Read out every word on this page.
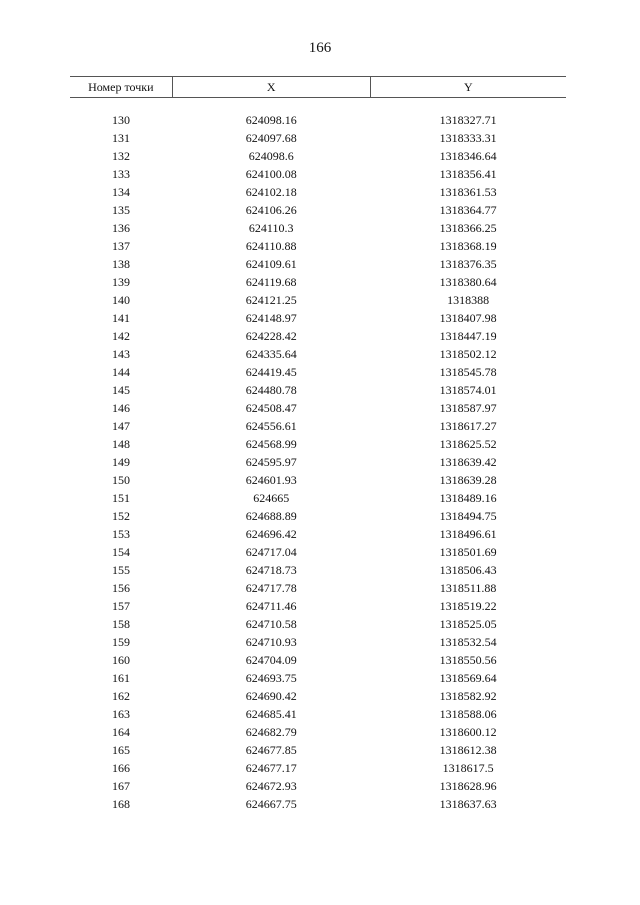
166
Номер точки	X	Y

130	624098.16	1318327.71
131	624097.68	1318333.31
132	624098.6	1318346.64
133	624100.08	1318356.41
134	624102.18	1318361.53
135	624106.26	1318364.77
136	624110.3	1318366.25
137	624110.88	1318368.19
138	624109.61	1318376.35
139	624119.68	1318380.64
140	624121.25	1318388
141	624148.97	1318407.98
142	624228.42	1318447.19
143	624335.64	1318502.12
144	624419.45	1318545.78
145	624480.78	1318574.01
146	624508.47	1318587.97
147	624556.61	1318617.27
148	624568.99	1318625.52
149	624595.97	1318639.42
150	624601.93	1318639.28
151	624665	1318489.16
152	624688.89	1318494.75
153	624696.42	1318496.61
154	624717.04	1318501.69
155	624718.73	1318506.43
156	624717.78	1318511.88
157	624711.46	1318519.22
158	624710.58	1318525.05
159	624710.93	1318532.54
160	624704.09	1318550.56
161	624693.75	1318569.64
162	624690.42	1318582.92
163	624685.41	1318588.06
164	624682.79	1318600.12
165	624677.85	1318612.38
166	624677.17	1318617.5
167	624672.93	1318628.96
168	624667.75	1318637.63
